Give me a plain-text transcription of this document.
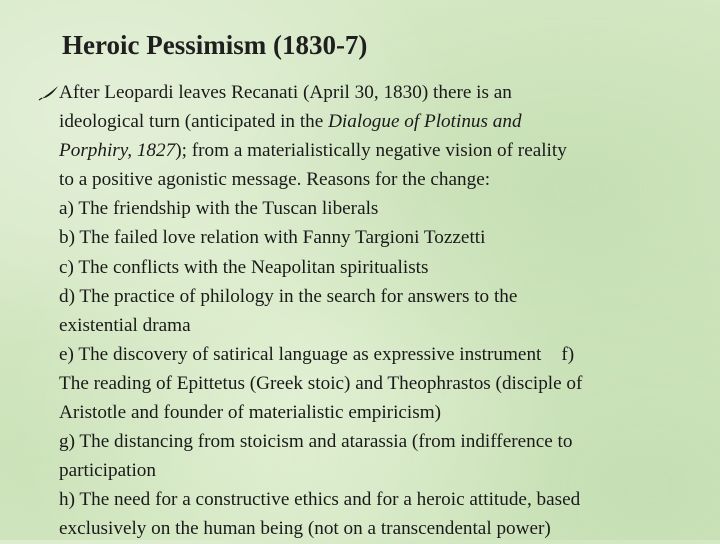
Heroic Pessimism (1830-7)
After Leopardi leaves Recanati (April 30, 1830) there is an
ideological turn (anticipated in the Dialogue of Plotinus and
Porphiry, 1827); from a materialistically negative vision of reality
to a positive agonistic message. Reasons for the change:
a) The friendship with the Tuscan liberals
b) The failed love relation with Fanny Targioni Tozzetti
c) The conflicts with the Neapolitan spiritualists
d) The practice of philology in the search for answers to the
existential drama
e) The discovery of satirical language as expressive instrument f)
The reading of Epittetus (Greek stoic) and Theophrastos (disciple of
Aristotle and founder of materialistic empiricism)
g) The distancing from stoicism and atarassia (from indifference to
participation
h) The need for a constructive ethics and for a heroic attitude, based
exclusively on the human being (not on a transcendental power)
